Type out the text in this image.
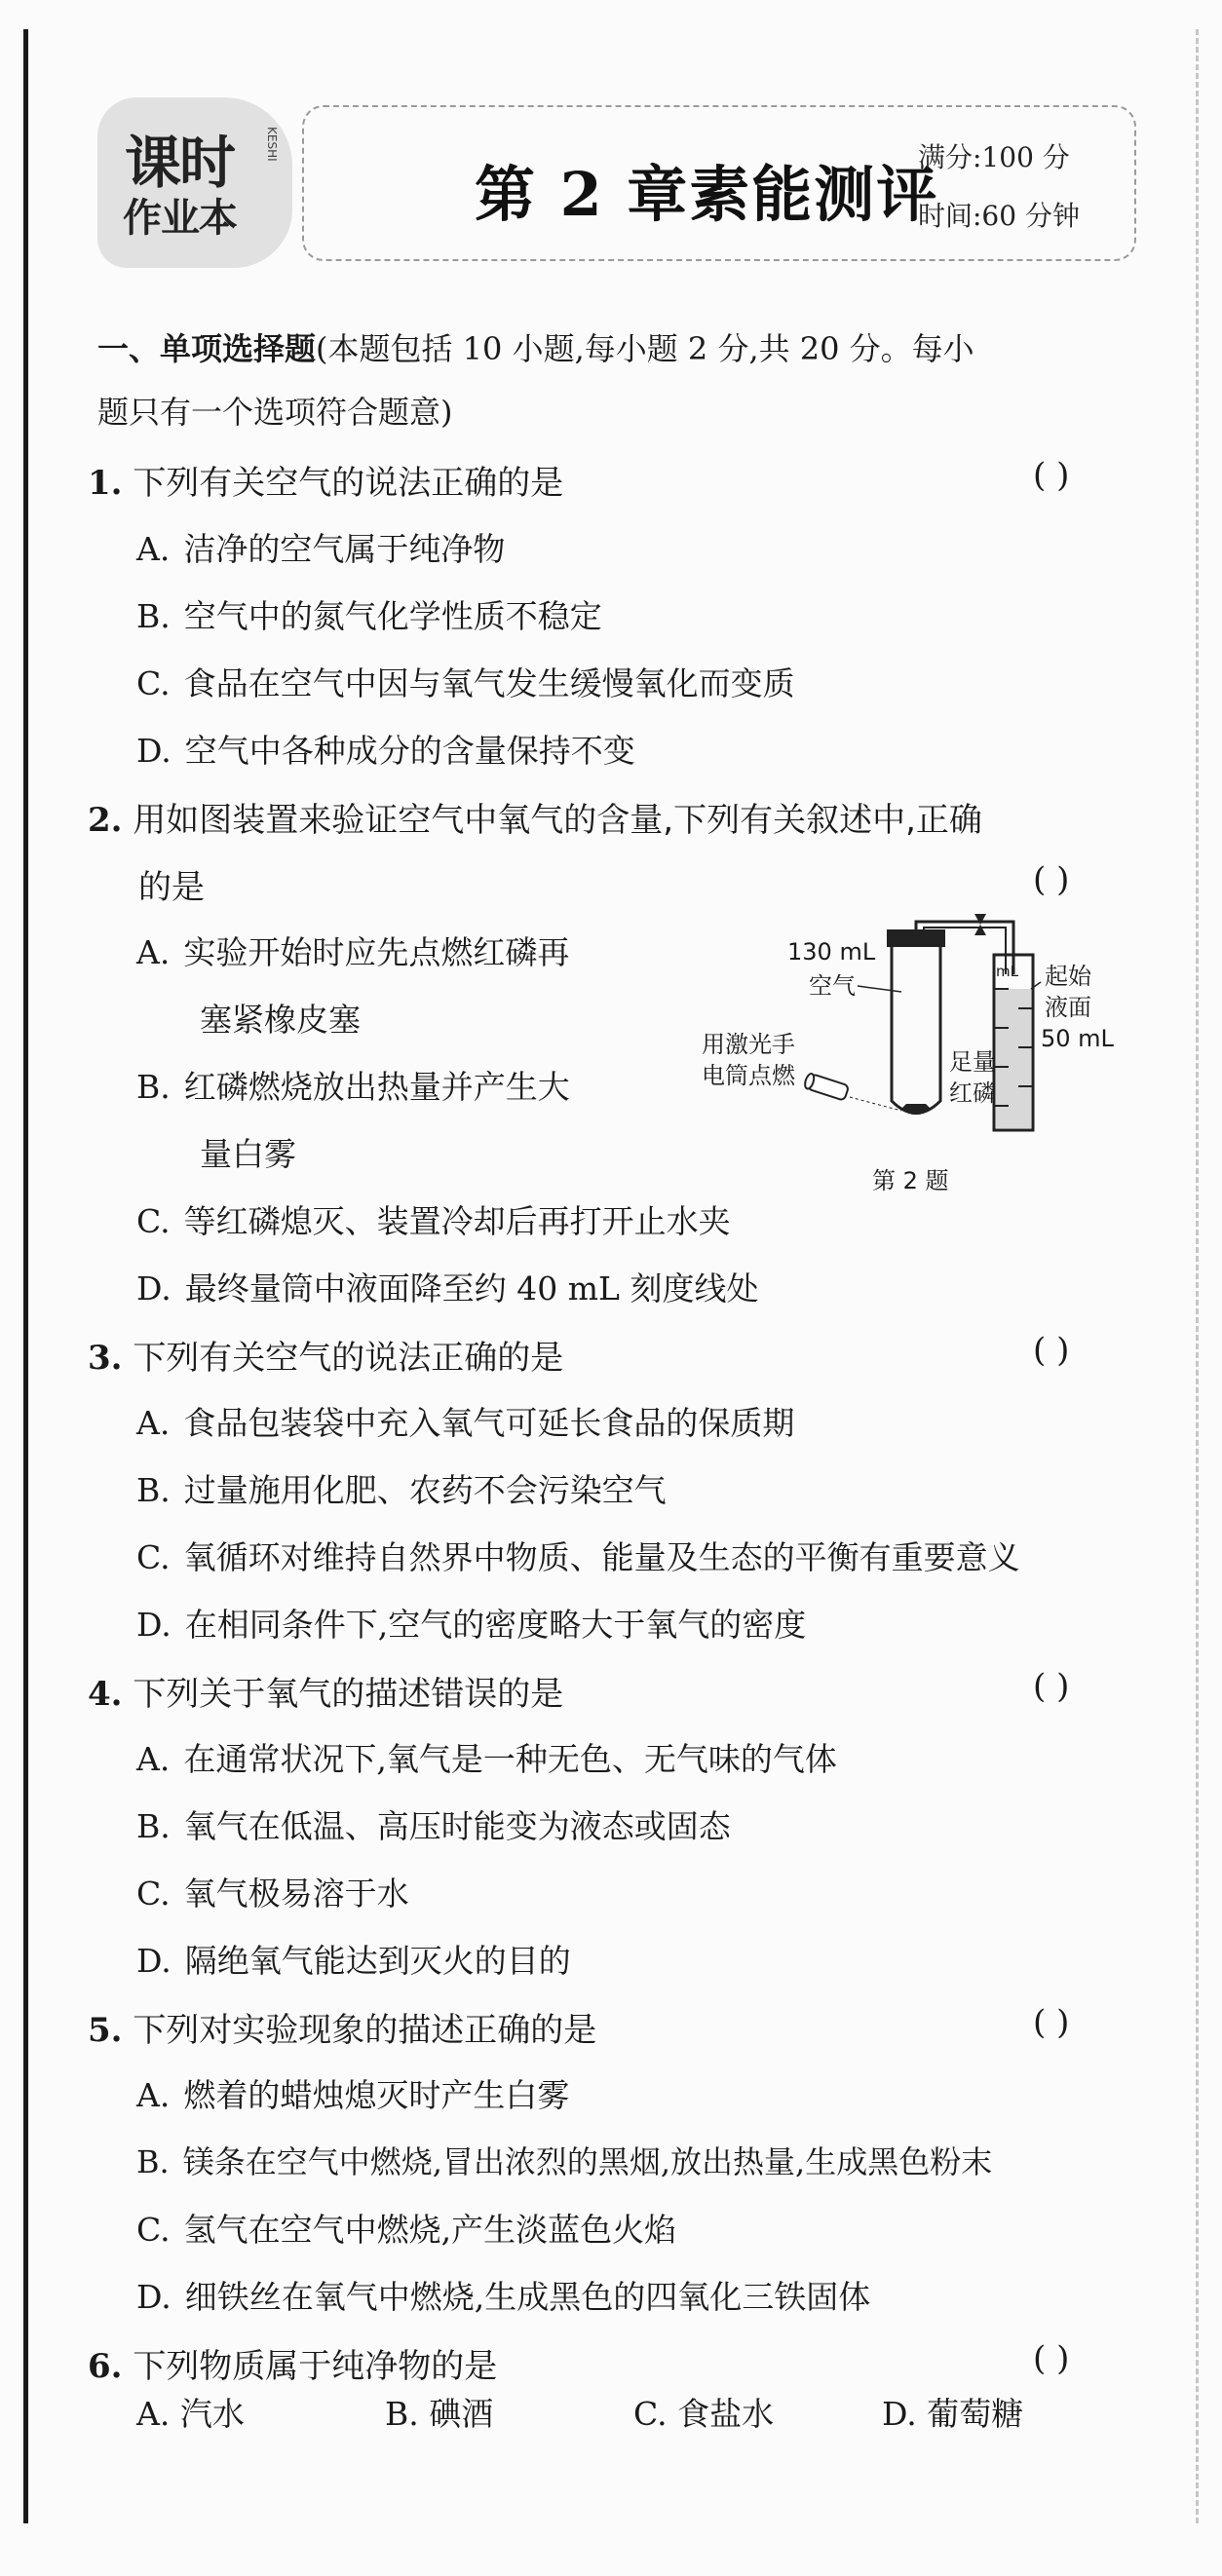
课时
作业本
KESHI
第 2 章素能测评
满分:100 分
时间:60 分钟
一、单项选择题(本题包括 10 小题,每小题 2 分,共 20 分。每小
题只有一个选项符合题意)
1. 下列有关空气的说法正确的是	( )
A. 洁净的空气属于纯净物
B. 空气中的氮气化学性质不稳定
C. 食品在空气中因与氧气发生缓慢氧化而变质
D. 空气中各种成分的含量保持不变
2. 用如图装置来验证空气中氧气的含量,下列有关叙述中,正确
的是	( )
A. 实验开始时应先点燃红磷再
塞紧橡皮塞
B. 红磷燃烧放出热量并产生大
量白雾
C. 等红磷熄灭、装置冷却后再打开止水夹
D. 最终量筒中液面降至约 40 mL 刻度线处
130 mL
空气
用激光手
电筒点燃	足量
红磷
起始
液面
50 mL
mL
第 2 题
3. 下列有关空气的说法正确的是	( )
A. 食品包装袋中充入氧气可延长食品的保质期
B. 过量施用化肥、农药不会污染空气
C. 氧循环对维持自然界中物质、能量及生态的平衡有重要意义
D. 在相同条件下,空气的密度略大于氧气的密度
4. 下列关于氧气的描述错误的是	( )
A. 在通常状况下,氧气是一种无色、无气味的气体
B. 氧气在低温、高压时能变为液态或固态
C. 氧气极易溶于水
D. 隔绝氧气能达到灭火的目的
5. 下列对实验现象的描述正确的是	( )
A. 燃着的蜡烛熄灭时产生白雾
B. 镁条在空气中燃烧,冒出浓烈的黑烟,放出热量,生成黑色粉末
C. 氢气在空气中燃烧,产生淡蓝色火焰
D. 细铁丝在氧气中燃烧,生成黑色的四氧化三铁固体
6. 下列物质属于纯净物的是	( )
A. 汽水	B. 碘酒	C. 食盐水	D. 葡萄糖
